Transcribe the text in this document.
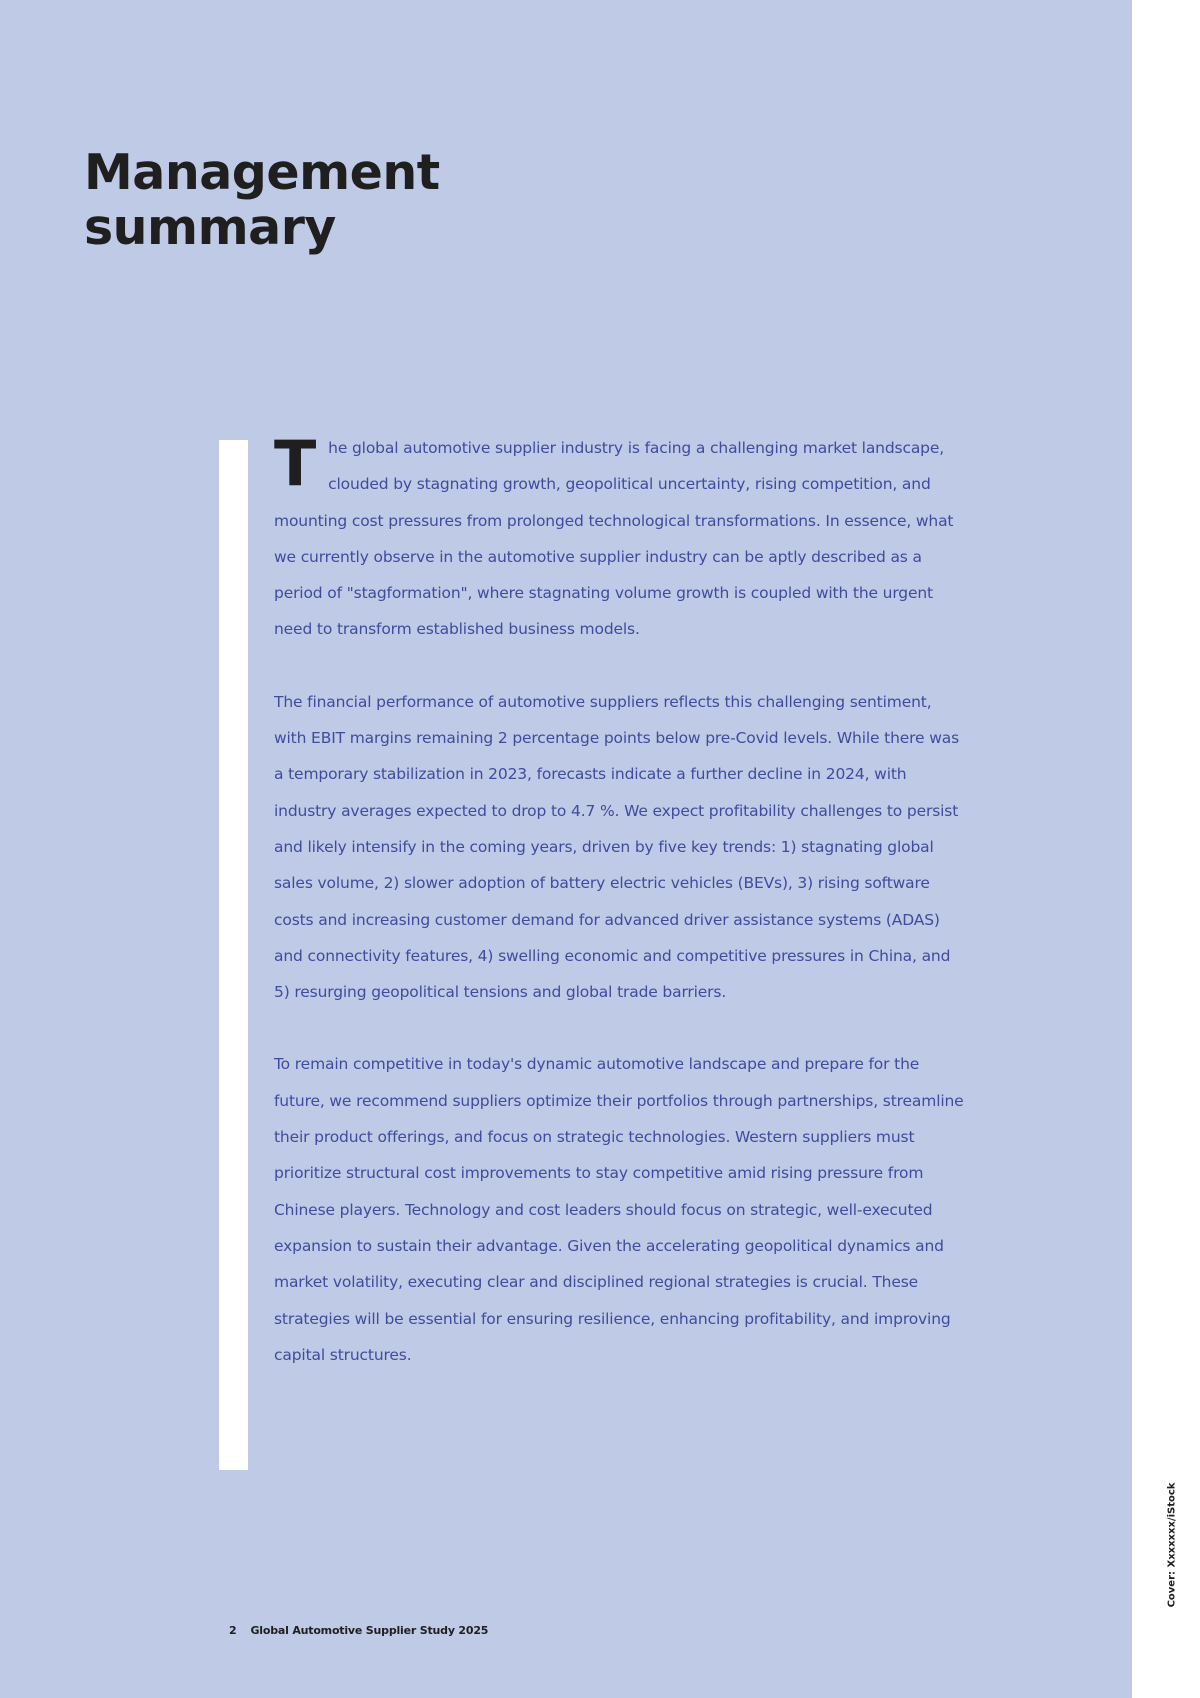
Management
summary

The global automotive supplier industry is facing a challenging market landscape, clouded by stagnating growth, geopolitical uncertainty, rising competition, and mounting cost pressures from prolonged technological transformations. In essence, what we currently observe in the automotive supplier industry can be aptly described as a period of "stagformation", where stagnating volume growth is coupled with the urgent need to transform established business models.

The financial performance of automotive suppliers reflects this challenging sentiment, with EBIT margins remaining 2 percentage points below pre-Covid levels. While there was a temporary stabilization in 2023, forecasts indicate a further decline in 2024, with industry averages expected to drop to 4.7 %. We expect profitability challenges to persist and likely intensify in the coming years, driven by five key trends: 1) stagnating global sales volume, 2) slower adoption of battery electric vehicles (BEVs), 3) rising software costs and increasing customer demand for advanced driver assistance systems (ADAS) and connectivity features, 4) swelling economic and competitive pressures in China, and 5) resurging geopolitical tensions and global trade barriers.

To remain competitive in today's dynamic automotive landscape and prepare for the future, we recommend suppliers optimize their portfolios through partnerships, streamline their product offerings, and focus on strategic technologies. Western suppliers must prioritize structural cost improvements to stay competitive amid rising pressure from Chinese players. Technology and cost leaders should focus on strategic, well-executed expansion to sustain their advantage. Given the accelerating geopolitical dynamics and market volatility, executing clear and disciplined regional strategies is crucial. These strategies will be essential for ensuring resilience, enhancing profitability, and improving capital structures.

2 Global Automotive Supplier Study 2025
Cover: Xxxxxxx/iStock
